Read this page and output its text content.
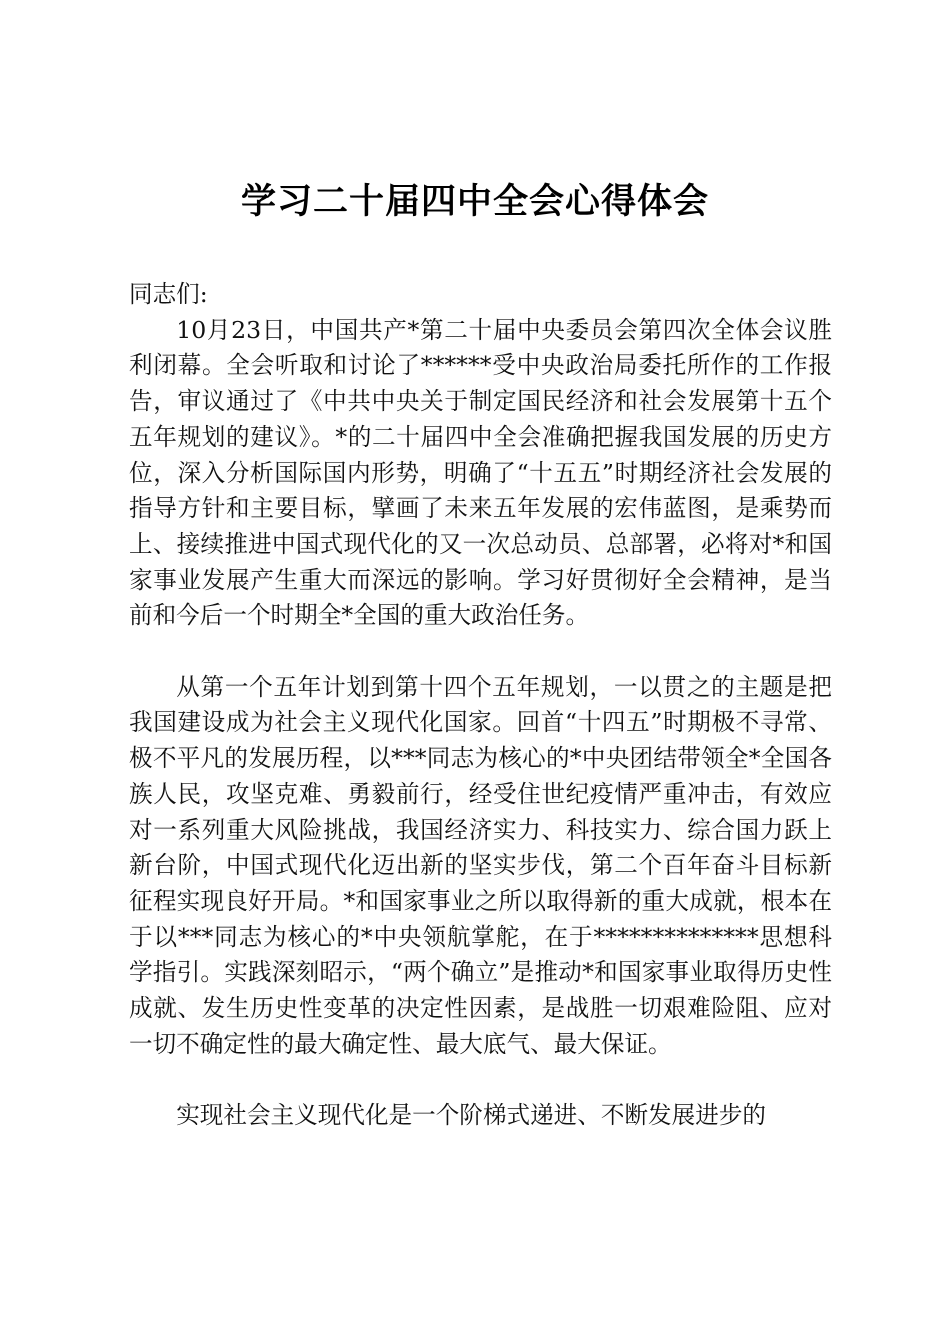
学习二十届四中全会心得体会

同志们:

10月23日，中国共产*第二十届中央委员会第四次全体会议胜利闭幕。全会听取和讨论了******受中央政治局委托所作的工作报告，审议通过了《中共中央关于制定国民经济和社会发展第十五个五年规划的建议》。*的二十届四中全会准确把握我国发展的历史方位，深入分析国际国内形势，明确了“十五五”时期经济社会发展的指导方针和主要目标，擘画了未来五年发展的宏伟蓝图，是乘势而上、接续推进中国式现代化的又一次总动员、总部署，必将对*和国家事业发展产生重大而深远的影响。学习好贯彻好全会精神，是当前和今后一个时期全*全国的重大政治任务。

从第一个五年计划到第十四个五年规划，一以贯之的主题是把我国建设成为社会主义现代化国家。回首“十四五”时期极不寻常、极不平凡的发展历程，以***同志为核心的*中央团结带领全*全国各族人民，攻坚克难、勇毅前行，经受住世纪疫情严重冲击，有效应对一系列重大风险挑战，我国经济实力、科技实力、综合国力跃上新台阶，中国式现代化迈出新的坚实步伐，第二个百年奋斗目标新征程实现良好开局。*和国家事业之所以取得新的重大成就，根本在于以***同志为核心的*中央领航掌舵，在于**************思想科学指引。实践深刻昭示，“两个确立”是推动*和国家事业取得历史性成就、发生历史性变革的决定性因素，是战胜一切艰难险阻、应对一切不确定性的最大确定性、最大底气、最大保证。

实现社会主义现代化是一个阶梯式递进、不断发展进步的
